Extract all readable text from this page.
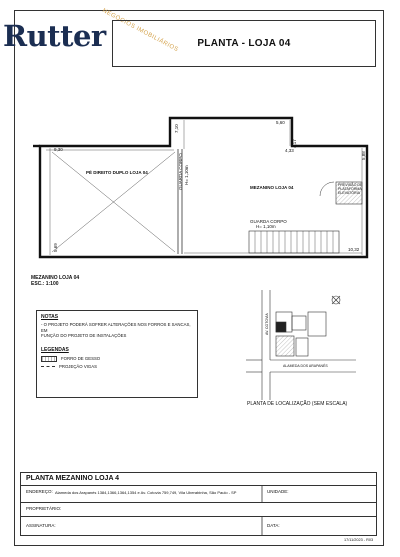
Rutter
NEGÓCIOS IMOBILIÁRIOS PLANTA - LOJA 04
9,30
7,10
5,60
4,17
4,33
5,88
5,69	10,32
PÉ DIREITO DUPLO LOJA 04
MEZANINO LOJA 04
GUARDA CORPO H= 1,10m
GUARDA CORPO
H= 1,10m
PREVISÃO DE PLATAFORMA ELEVATÓRIA
MEZANINO LOJA 04
ESC.: 1:100
NOTAS
- O PROJETO PODERÁ SOFRER ALTERAÇÕES NOS FORROS E SANCAS, EM
FUNÇÃO DO PROJETO DE INSTALAÇÕES
LEGENDAS
FORRO DE GESSO
PROJEÇÃO VIGAS
AV. COTOVIA
ALAMEDA DOS ARAPANÉS
PLANTA DE LOCALIZAÇÃO (SEM ESCALA)
PLANTA MEZANINO LOJA 4
ENDEREÇO: Alameda dos Arapanés 1384,1366,1364,1354 e Av. Cotovia 759,749, Vila Uberabinha, São Paulo - SP	UNIDADE:
PROPRIETÁRIO:
ASSINATURA:	DATA:
17/11/2023 - R03
